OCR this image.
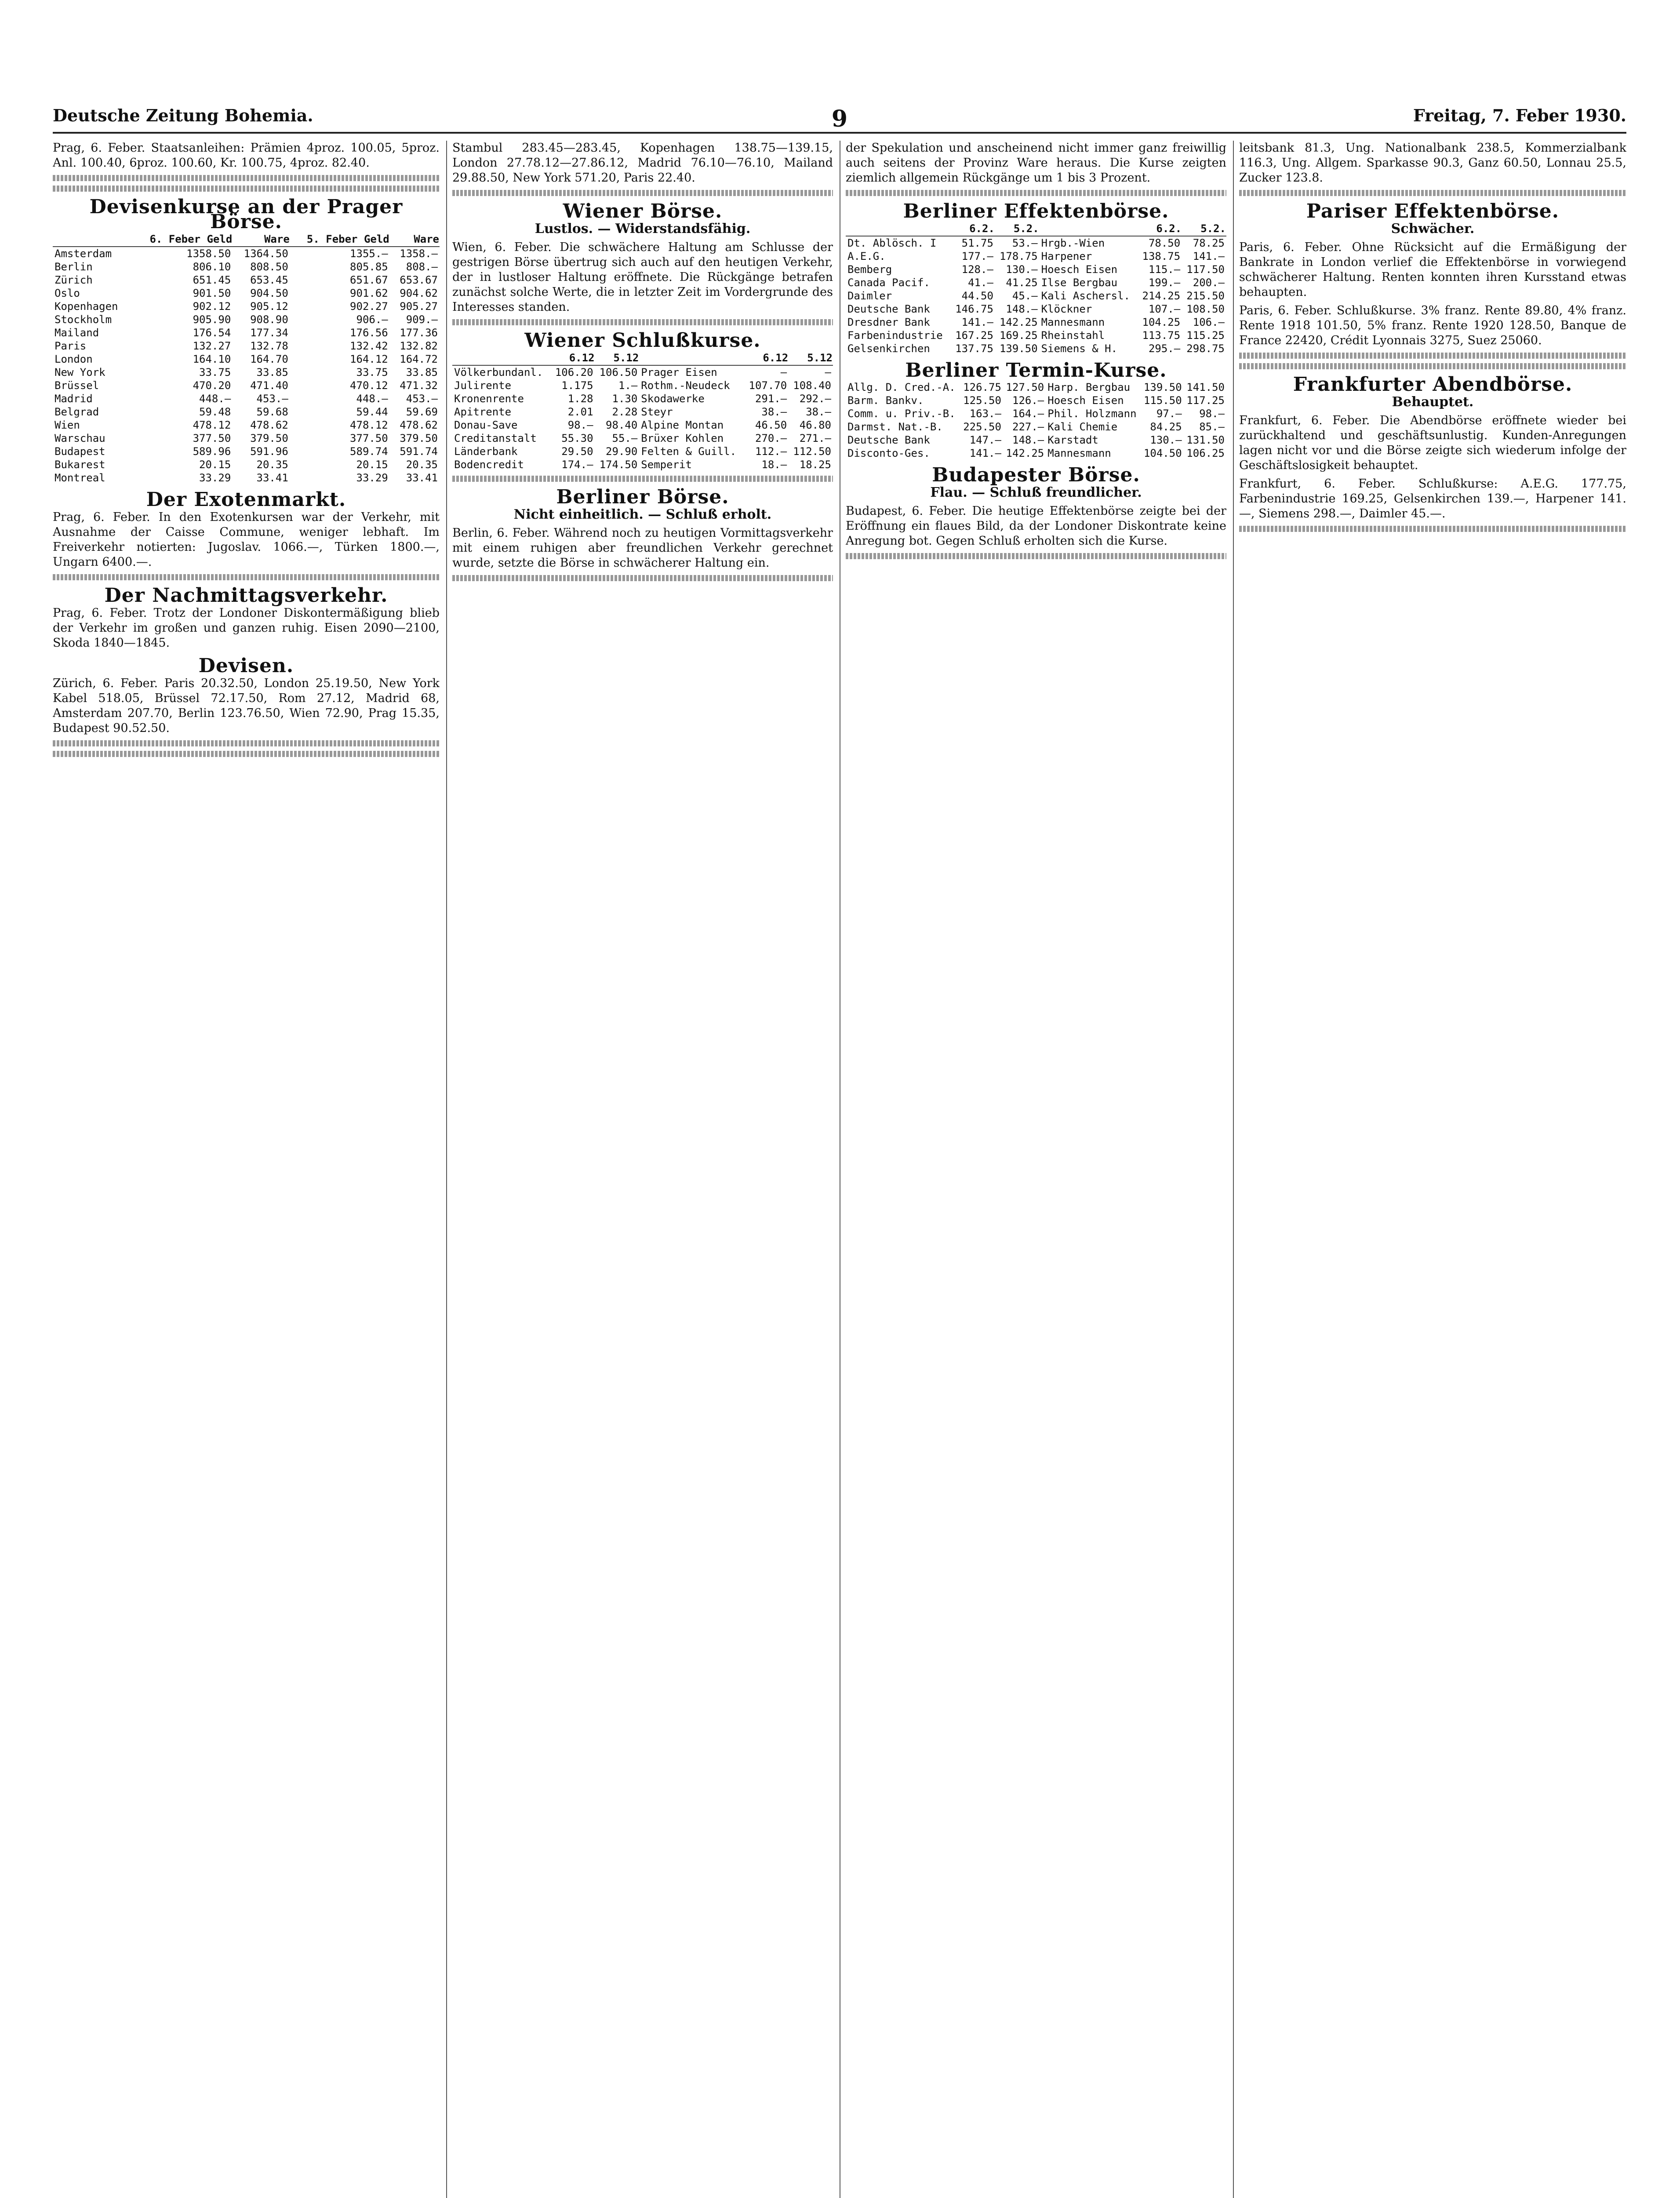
Deutsche Zeitung Bohemia.	9	Freitag, 7. Feber 1930.

Prag, 6. Feber. Staatsanleihen: Prämien 4proz. 100.05, 5proz. Anl. 100.40, 6proz. 100.60, Kr. 100.75, 4proz. 82.40.

Devisenkurse an der Prager Börse.
	6. Feber Geld	Ware	5. Feber Geld	Ware
Amsterdam	1358.50	1364.50	1355.—	1358.—
Berlin	806.10	808.50	805.85	808.—
Zürich	651.45	653.45	651.67	653.67
Oslo	901.50	904.50	901.62	904.62
Kopenhagen	902.12	905.12	902.27	905.27
Stockholm	905.90	908.90	906.—	909.—
Mailand	176.54	177.34	176.56	177.36
Paris	132.27	132.78	132.42	132.82
London	164.10	164.70	164.12	164.72
New York	33.75	33.85	33.75	33.85
Brüssel	470.20	471.40	470.12	471.32
Madrid	448.—	453.—	448.—	453.—
Belgrad	59.48	59.68	59.44	59.69
Wien	478.12	478.62	478.12	478.62
Warschau	377.50	379.50	377.50	379.50
Budapest	589.96	591.96	589.74	591.74
Bukarest	20.15	20.35	20.15	20.35
Montreal	33.29	33.41	33.29	33.41
Der Exotenmarkt.

Prag, 6. Feber. In den Exotenkursen war der Verkehr, mit Ausnahme der Caisse Commune, weniger lebhaft. Im Freiverkehr notierten: Jugoslav. 1066.—, Türken 1800.—, Ungarn 6400.—.

Der Nachmittagsverkehr.

Prag, 6. Feber. Trotz der Londoner Diskontermäßigung blieb der Verkehr im großen und ganzen ruhig. Eisen 2090—2100, Skoda 1840—1845.

Devisen.

Zürich, 6. Feber. Paris 20.32.50, London 25.19.50, New York Kabel 518.05, Brüssel 72.17.50, Rom 27.12, Madrid 68, Amsterdam 207.70, Berlin 123.76.50, Wien 72.90, Prag 15.35, Budapest 90.52.50.

Stambul 283.45—283.45, Kopenhagen 138.75—139.15, London 27.78.12—27.86.12, Madrid 76.10—76.10, Mailand 29.88.50, New York 571.20, Paris 22.40.

Wiener Börse.
Lustlos. — Widerstandsfähig.

Wien, 6. Feber. Die schwächere Haltung am Schlusse der gestrigen Börse übertrug sich auch auf den heutigen Verkehr, der in lustloser Haltung eröffnete. Die Rückgänge betrafen zunächst solche Werte, die in letzter Zeit im Vordergrunde des Interesses standen.

Wiener Schlußkurse.
	6.12	5.12		6.12	5.12
Völkerbundanl.	106.20	106.50	Prager Eisen	—	—
Julirente	1.175	1.—	Rothm.-Neudeck	107.70	108.40
Kronenrente	1.28	1.30	Skodawerke	291.—	292.—
Apitrente	2.01	2.28	Steyr	38.—	38.—
Donau-Save	98.—	98.40	Alpine Montan	46.50	46.80
Creditanstalt	55.30	55.—	Brüxer Kohlen	270.—	271.—
Länderbank	29.50	29.90	Felten & Guill.	112.—	112.50
Bodencredit	174.—	174.50	Semperit	18.—	18.25
Berliner Börse.
Nicht einheitlich. — Schluß erholt.

Berlin, 6. Feber. Während noch zu heutigen Vormittagsverkehr mit einem ruhigen aber freundlichen Verkehr gerechnet wurde, setzte die Börse in schwächerer Haltung ein.

der Spekulation und anscheinend nicht immer ganz freiwillig auch seitens der Provinz Ware heraus. Die Kurse zeigten ziemlich allgemein Rückgänge um 1 bis 3 Prozent.

Berliner Effektenbörse.
	6.2.	5.2.		6.2.	5.2.
Dt. Ablösch. I	51.75	53.—	Hrgb.-Wien	78.50	78.25
A.E.G.	177.—	178.75	Harpener	138.75	141.—
Bemberg	128.—	130.—	Hoesch Eisen	115.—	117.50
Canada Pacif.	41.—	41.25	Ilse Bergbau	199.—	200.—
Daimler	44.50	45.—	Kali Aschersl.	214.25	215.50
Deutsche Bank	146.75	148.—	Klöckner	107.—	108.50
Dresdner Bank	141.—	142.25	Mannesmann	104.25	106.—
Farbenindustrie	167.25	169.25	Rheinstahl	113.75	115.25
Gelsenkirchen	137.75	139.50	Siemens & H.	295.—	298.75
Berliner Termin-Kurse.
Allg. D. Cred.-A.	126.75	127.50	Harp. Bergbau	139.50	141.50
Barm. Bankv.	125.50	126.—	Hoesch Eisen	115.50	117.25
Comm. u. Priv.-B.	163.—	164.—	Phil. Holzmann	97.—	98.—
Darmst. Nat.-B.	225.50	227.—	Kali Chemie	84.25	85.—
Deutsche Bank	147.—	148.—	Karstadt	130.—	131.50
Disconto-Ges.	141.—	142.25	Mannesmann	104.50	106.25
Budapester Börse.
Flau. — Schluß freundlicher.

Budapest, 6. Feber. Die heutige Effektenbörse zeigte bei der Eröffnung ein flaues Bild, da der Londoner Diskontrate keine Anregung bot. Gegen Schluß erholten sich die Kurse.

leitsbank 81.3, Ung. Nationalbank 238.5, Kommerzialbank 116.3, Ung. Allgem. Sparkasse 90.3, Ganz 60.50, Lonnau 25.5, Zucker 123.8.

Pariser Effektenbörse.
Schwächer.

Paris, 6. Feber. Ohne Rücksicht auf die Ermäßigung der Bankrate in London verlief die Effektenbörse in vorwiegend schwächerer Haltung. Renten konnten ihren Kursstand etwas behaupten.

Paris, 6. Feber. Schlußkurse. 3% franz. Rente 89.80, 4% franz. Rente 1918 101.50, 5% franz. Rente 1920 128.50, Banque de France 22420, Crédit Lyonnais 3275, Suez 25060.

Frankfurter Abendbörse.
Behauptet.

Frankfurt, 6. Feber. Die Abendbörse eröffnete wieder bei zurückhaltend und geschäftsunlustig. Kunden-Anregungen lagen nicht vor und die Börse zeigte sich wiederum infolge der Geschäftslosigkeit behauptet.

Frankfurt, 6. Feber. Schlußkurse: A.E.G. 177.75, Farbenindustrie 169.25, Gelsenkirchen 139.—, Harpener 141.—, Siemens 298.—, Daimler 45.—.
